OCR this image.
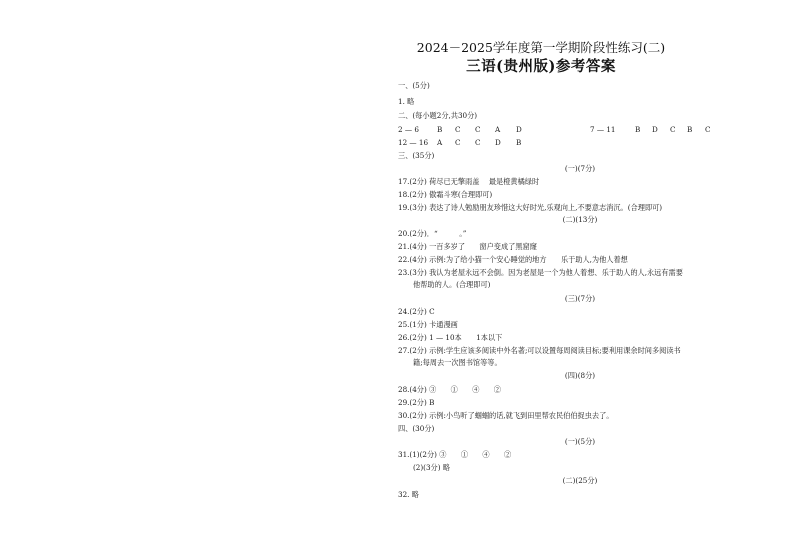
2024－2025学年度第一学期阶段性练习(二)
三语(贵州版)参考答案
一、(5分)
1. 略
二、(每小题2分,共30分)
2 — 6	B C C A D	7 — 11	B D C B C
12 — 16 A C C D B
三、(35分)
(一)(7分)
17.(2分) 荷尽已无擎雨盖　 最是橙黄橘绿时
18.(2分) 傲霜斗寒(合理即可)
19.(3分) 表达了诗人勉励朋友珍惜这大好时光,乐观向上,不要意志消沉。(合理即可)
(二)(13分)
20.(2分)．“　　　。”
21.(4分) 一百多岁了　　窗户变成了黑窟窿
22.(4分) 示例:为了给小猫一个安心睡觉的地方　　乐于助人,为他人着想
23.(3分) 我认为老屋永远不会倒。因为老屋是一个为他人着想、乐于助人的人,永远有需要
他帮助的人。(合理即可)
(三)(7分)
24.(2分) C
25.(1分) 卡通漫画
26.(2分) 1 — 10本　　1本以下
27.(2分) 示例:学生应该多阅读中外名著;可以设置每周阅读目标;要利用课余时间多阅读书
籍;每周去一次图书馆等等。
(四)(8分)
28.(4分) ③　　①　　④　　②
29.(2分) B
30.(2分) 示例:小鸟听了蝈蝈的话,就飞到田里帮农民伯伯捉虫去了。
四、(30分)
(一)(5分)
31.(1)(2分) ③　　①　　④　　②
(2)(3分) 略
(二)(25分)
32. 略
